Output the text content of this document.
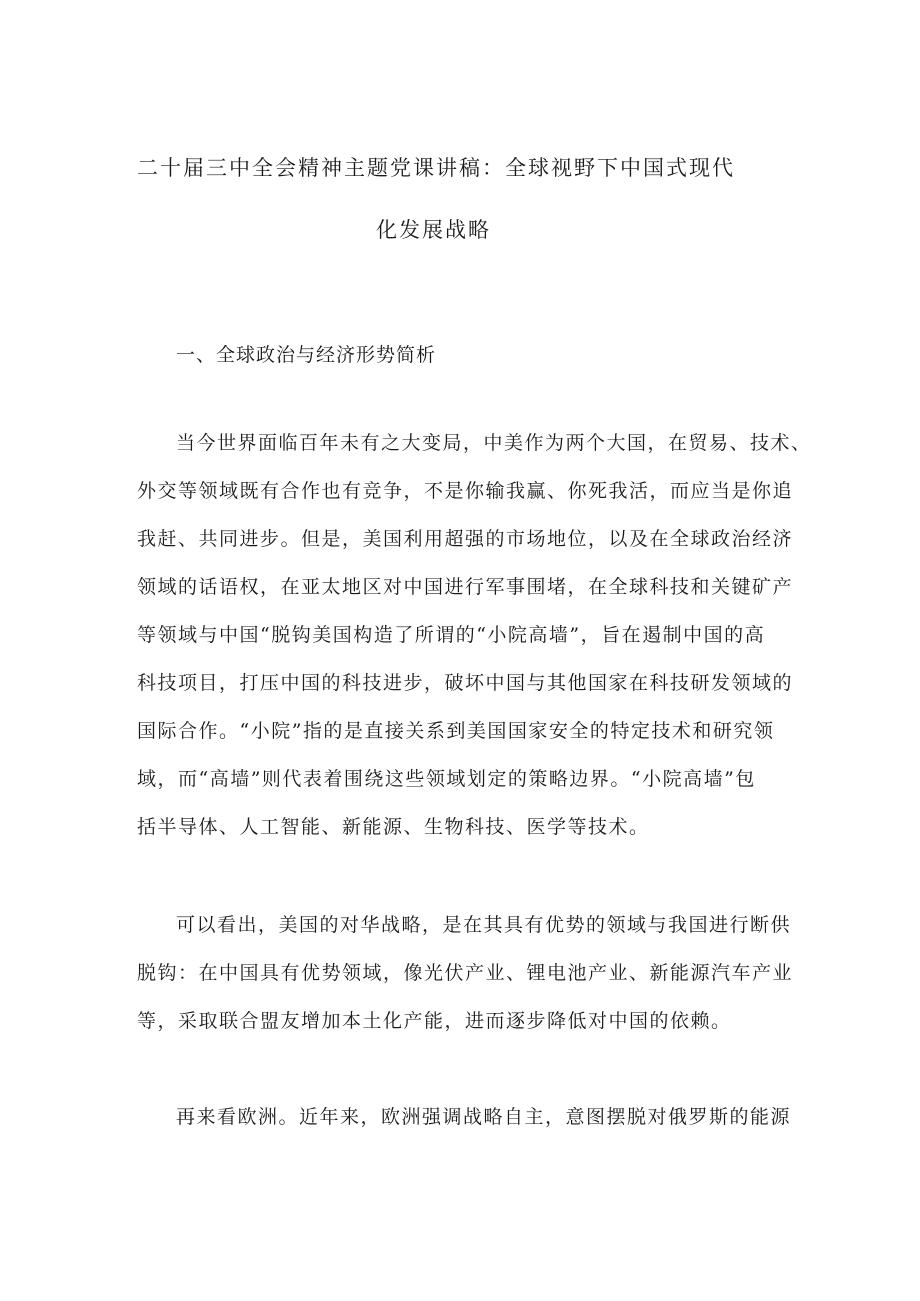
二十届三中全会精神主题党课讲稿：全球视野下中国式现代
化发展战略
一、全球政治与经济形势简析
当今世界面临百年未有之大变局，中美作为两个大国，在贸易、技术、
外交等领域既有合作也有竞争，不是你输我赢、你死我活，而应当是你追
我赶、共同进步。但是，美国利用超强的市场地位，以及在全球政治经济
领域的话语权，在亚太地区对中国进行军事围堵，在全球科技和关键矿产
等领域与中国“脱钩美国构造了所谓的“小院高墙”，旨在遏制中国的高
科技项目，打压中国的科技进步，破坏中国与其他国家在科技研发领域的
国际合作。“小院”指的是直接关系到美国国家安全的特定技术和研究领
域，而“高墙”则代表着围绕这些领域划定的策略边界。“小院高墙”包
括半导体、人工智能、新能源、生物科技、医学等技术。
可以看出，美国的对华战略，是在其具有优势的领域与我国进行断供
脱钩：在中国具有优势领域，像光伏产业、锂电池产业、新能源汽车产业
等，采取联合盟友增加本土化产能，进而逐步降低对中国的依赖。
再来看欧洲。近年来，欧洲强调战略自主，意图摆脱对俄罗斯的能源
